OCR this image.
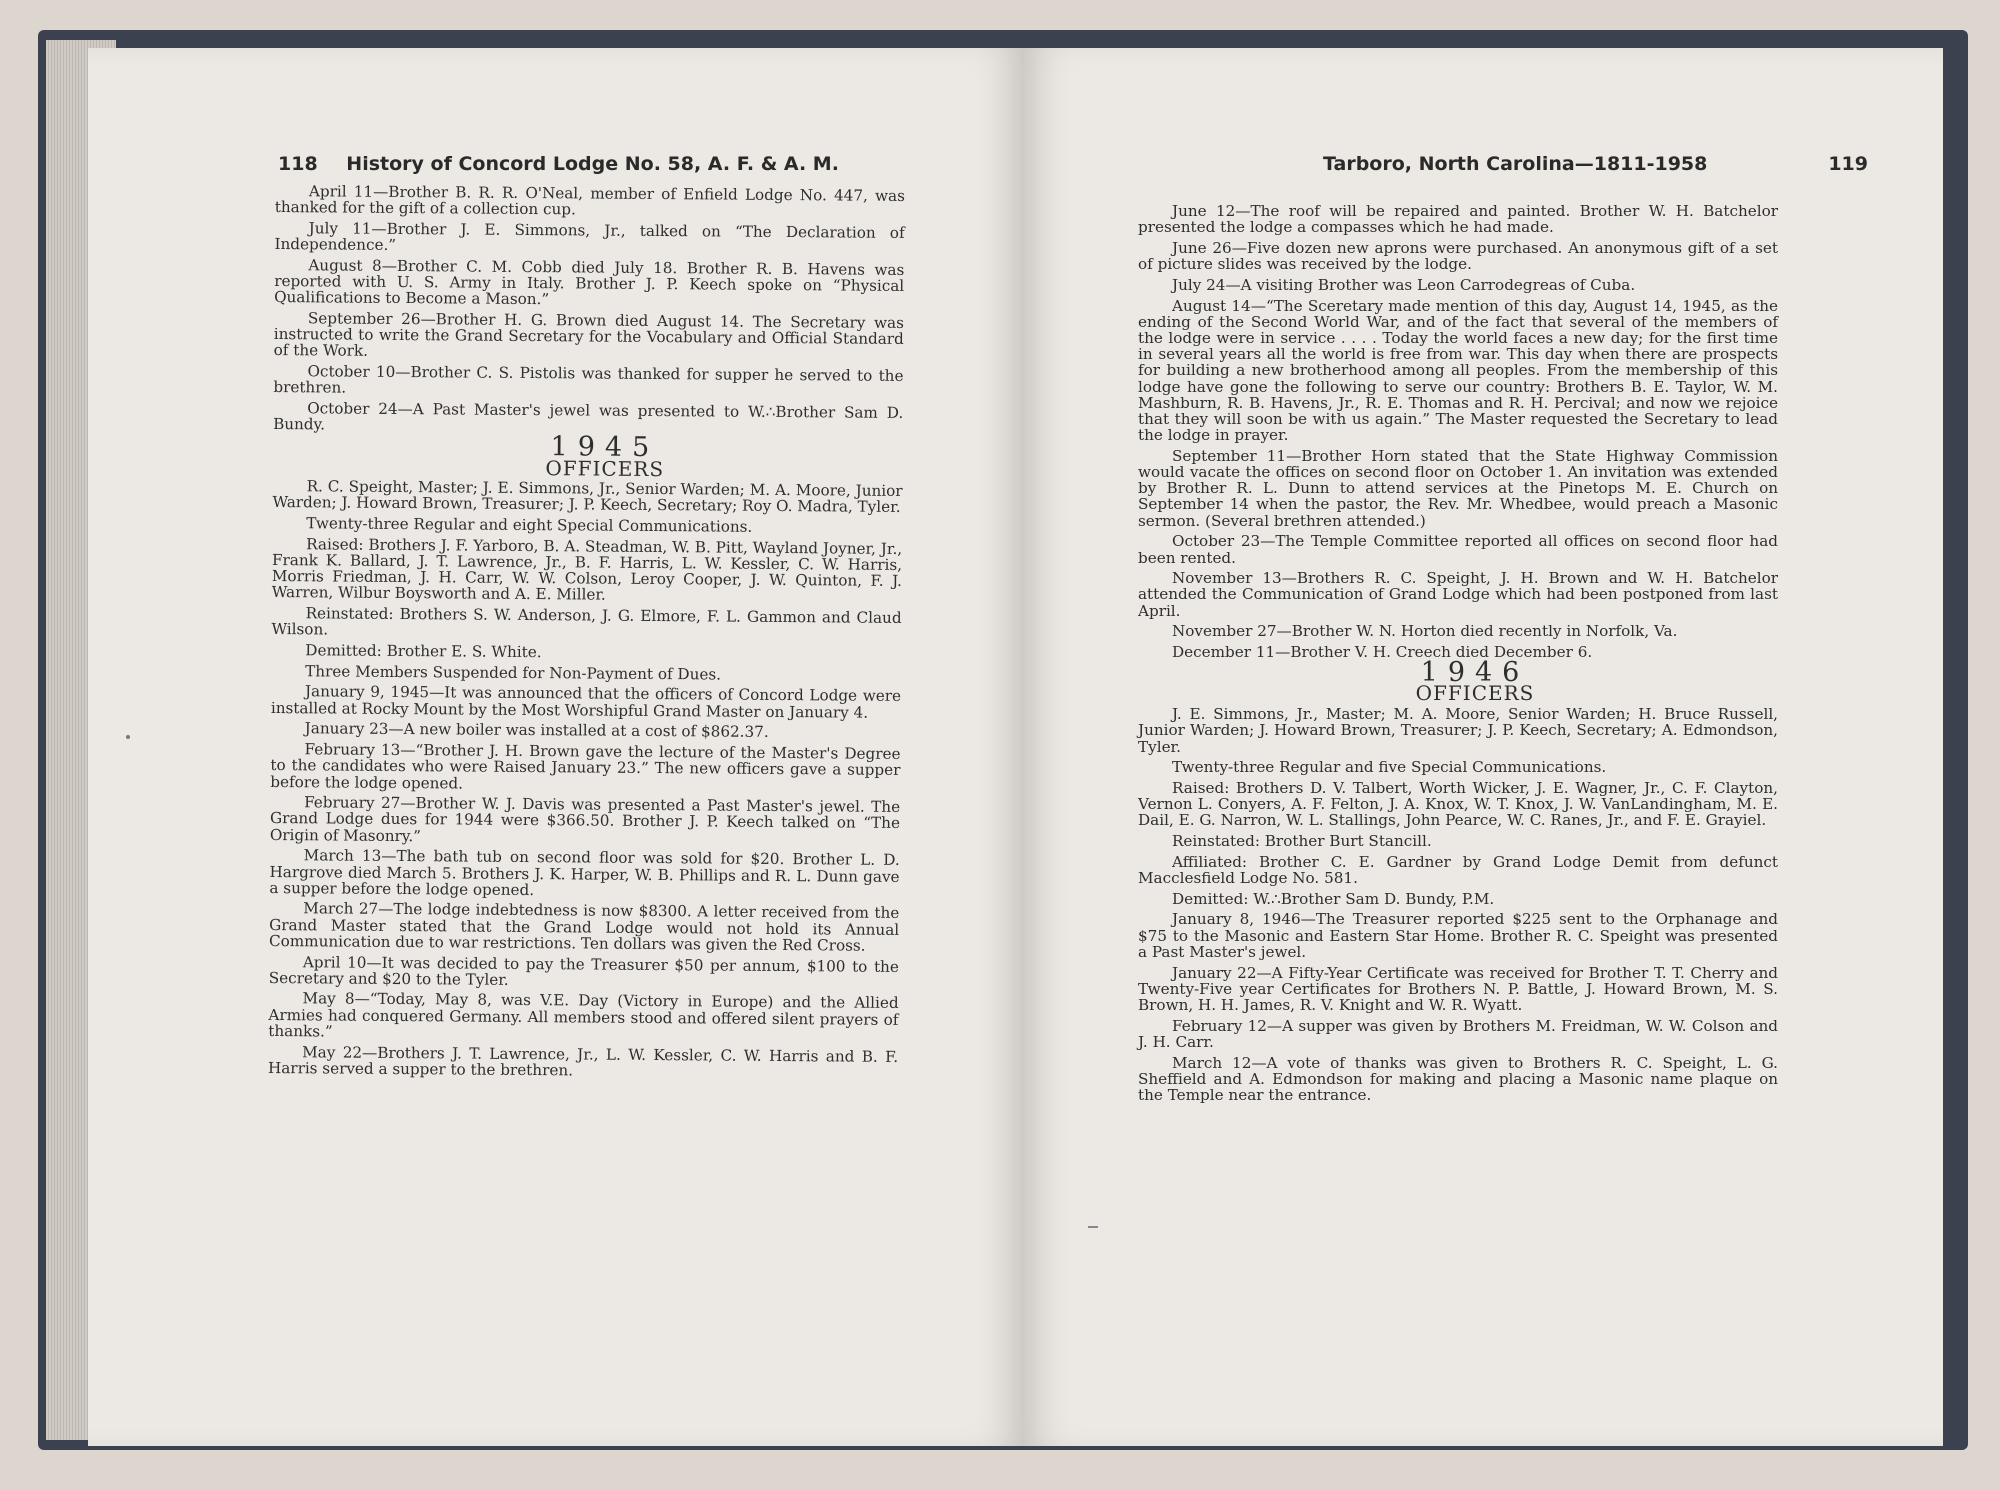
118 History of Concord Lodge No. 58, A. F. & A. M.

April 11—Brother B. R. R. O'Neal, member of Enfield Lodge No. 447, was thanked for the gift of a collection cup.

July 11—Brother J. E. Simmons, Jr., talked on “The Declaration of Independence.”

August 8—Brother C. M. Cobb died July 18. Brother R. B. Havens was reported with U. S. Army in Italy. Brother J. P. Keech spoke on “Physical Qualifications to Become a Mason.”

September 26—Brother H. G. Brown died August 14. The Secretary was instructed to write the Grand Secretary for the Vocabulary and Official Standard of the Work.

October 10—Brother C. S. Pistolis was thanked for supper he served to the brethren.

October 24—A Past Master's jewel was presented to W.∴Brother Sam D. Bundy.

1945

OFFICERS

R. C. Speight, Master; J. E. Simmons, Jr., Senior Warden; M. A. Moore, Junior Warden; J. Howard Brown, Treasurer; J. P. Keech, Secretary; Roy O. Madra, Tyler.

Twenty-three Regular and eight Special Communications.

Raised: Brothers J. F. Yarboro, B. A. Steadman, W. B. Pitt, Wayland Joyner, Jr., Frank K. Ballard, J. T. Lawrence, Jr., B. F. Harris, L. W. Kessler, C. W. Harris, Morris Friedman, J. H. Carr, W. W. Colson, Leroy Cooper, J. W. Quinton, F. J. Warren, Wilbur Boysworth and A. E. Miller.

Reinstated: Brothers S. W. Anderson, J. G. Elmore, F. L. Gammon and Claud Wilson.

Demitted: Brother E. S. White.

Three Members Suspended for Non-Payment of Dues.

January 9, 1945—It was announced that the officers of Concord Lodge were installed at Rocky Mount by the Most Worshipful Grand Master on January 4.

January 23—A new boiler was installed at a cost of $862.37.

February 13—“Brother J. H. Brown gave the lecture of the Master's Degree to the candidates who were Raised January 23.” The new officers gave a supper before the lodge opened.

February 27—Brother W. J. Davis was presented a Past Master's jewel. The Grand Lodge dues for 1944 were $366.50. Brother J. P. Keech talked on “The Origin of Masonry.”

March 13—The bath tub on second floor was sold for $20. Brother L. D. Hargrove died March 5. Brothers J. K. Harper, W. B. Phillips and R. L. Dunn gave a supper before the lodge opened.

March 27—The lodge indebtedness is now $8300. A letter received from the Grand Master stated that the Grand Lodge would not hold its Annual Communication due to war restrictions. Ten dollars was given the Red Cross.

April 10—It was decided to pay the Treasurer $50 per annum, $100 to the Secretary and $20 to the Tyler.

May 8—“Today, May 8, was V.E. Day (Victory in Europe) and the Allied Armies had conquered Germany. All members stood and offered silent prayers of thanks.”

May 22—Brothers J. T. Lawrence, Jr., L. W. Kessler, C. W. Harris and B. F. Harris served a supper to the brethren.

Tarboro, North Carolina—1811-1958	119

June 12—The roof will be repaired and painted. Brother W. H. Batchelor presented the lodge a compasses which he had made.

June 26—Five dozen new aprons were purchased. An anonymous gift of a set of picture slides was received by the lodge.

July 24—A visiting Brother was Leon Carrodegreas of Cuba.

August 14—“The Sceretary made mention of this day, August 14, 1945, as the ending of the Second World War, and of the fact that several of the members of the lodge were in service . . . . Today the world faces a new day; for the first time in several years all the world is free from war. This day when there are prospects for building a new brotherhood among all peoples. From the membership of this lodge have gone the following to serve our country: Brothers B. E. Taylor, W. M. Mashburn, R. B. Havens, Jr., R. E. Thomas and R. H. Percival; and now we rejoice that they will soon be with us again.” The Master requested the Secretary to lead the lodge in prayer.

September 11—Brother Horn stated that the State Highway Commission would vacate the offices on second floor on October 1. An invitation was extended by Brother R. L. Dunn to attend services at the Pinetops M. E. Church on September 14 when the pastor, the Rev. Mr. Whedbee, would preach a Masonic sermon. (Several brethren attended.)

October 23—The Temple Committee reported all offices on second floor had been rented.

November 13—Brothers R. C. Speight, J. H. Brown and W. H. Batchelor attended the Communication of Grand Lodge which had been postponed from last April.

November 27—Brother W. N. Horton died recently in Norfolk, Va.

December 11—Brother V. H. Creech died December 6.

1946

OFFICERS

J. E. Simmons, Jr., Master; M. A. Moore, Senior Warden; H. Bruce Russell, Junior Warden; J. Howard Brown, Treasurer; J. P. Keech, Secretary; A. Edmondson, Tyler.

Twenty-three Regular and five Special Communications.

Raised: Brothers D. V. Talbert, Worth Wicker, J. E. Wagner, Jr., C. F. Clayton, Vernon L. Conyers, A. F. Felton, J. A. Knox, W. T. Knox, J. W. VanLandingham, M. E. Dail, E. G. Narron, W. L. Stallings, John Pearce, W. C. Ranes, Jr., and F. E. Grayiel.

Reinstated: Brother Burt Stancill.

Affiliated: Brother C. E. Gardner by Grand Lodge Demit from defunct Macclesfield Lodge No. 581.

Demitted: W.∴Brother Sam D. Bundy, P.M.

January 8, 1946—The Treasurer reported $225 sent to the Orphanage and $75 to the Masonic and Eastern Star Home. Brother R. C. Speight was presented a Past Master's jewel.

January 22—A Fifty-Year Certificate was received for Brother T. T. Cherry and Twenty-Five year Certificates for Brothers N. P. Battle, J. Howard Brown, M. S. Brown, H. H. James, R. V. Knight and W. R. Wyatt.

February 12—A supper was given by Brothers M. Freidman, W. W. Colson and J. H. Carr.

March 12—A vote of thanks was given to Brothers R. C. Speight, L. G. Sheffield and A. Edmondson for making and placing a Masonic name plaque on the Temple near the entrance.
